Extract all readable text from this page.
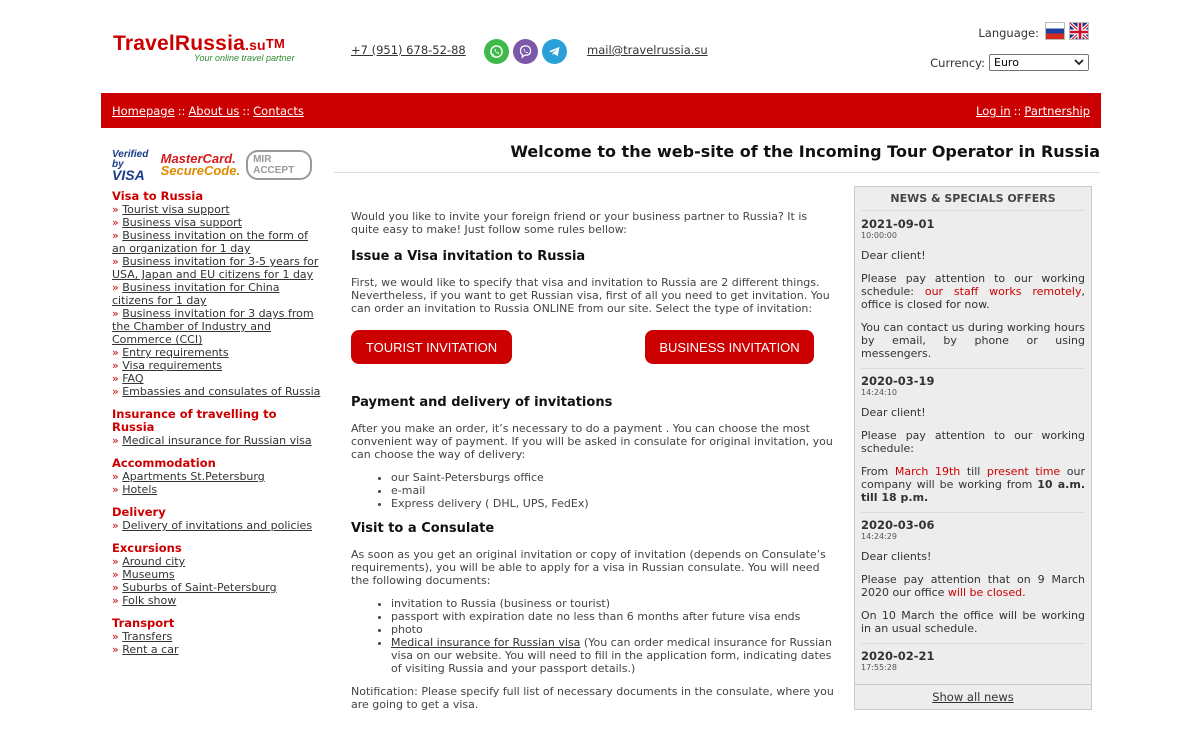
TravelRussia.su™
Your online travel partner
+7 (951) 678-52-88	mail@travelrussia.su
Language:
Currency: Euro
Homepage :: About us :: Contacts	Log in :: Partnership
Verified by
VISA
MasterCard.
SecureCode.
MIR ACCEPT
Visa to Russia
» Tourist visa support
» Business visa support
» Business invitation on the form of an organization for 1 day
» Business invitation for 3-5 years for USA, Japan and EU citizens for 1 day
» Business invitation for China citizens for 1 day
» Business invitation for 3 days from the Chamber of Industry and Commerce (CCI)
» Entry requirements
» Visa requirements
» FAQ
» Embassies and consulates of Russia
Insurance of travelling to Russia
» Medical insurance for Russian visa
Accommodation
» Apartments St.Petersburg
» Hotels
Delivery
» Delivery of invitations and policies
Excursions
» Around city
» Museums
» Suburbs of Saint-Petersburg
» Folk show
Transport
» Transfers
» Rent a car
Welcome to the web-site of the Incoming Tour Operator in Russia

Would you like to invite your foreign friend or your business partner to Russia? It is quite easy to make! Just follow some rules bellow:

Issue a Visa invitation to Russia

First, we would like to specify that visa and invitation to Russia are 2 different things. Nevertheless, if you want to get Russian visa, first of all you need to get invitation. You can order an invitation to Russia ONLINE from our site. Select the type of invitation:

TOURIST INVITATION	BUSINESS INVITATION
Payment and delivery of invitations

After you make an order, it’s necessary to do a payment . You can choose the most convenient way of payment. If you will be asked in consulate for original invitation, you can choose the way of delivery:

• our Saint-Petersburgs office
• e-mail
• Express delivery ( DHL, UPS, FedEx)
Visit to a Consulate

As soon as you get an original invitation or copy of invitation (depends on Consulate’s requirements), you will be able to apply for a visa in Russian consulate. You will need the following documents:

• invitation to Russia (business or tourist)
• passport with expiration date no less than 6 months after future visa ends
• photo
• Medical insurance for Russian visa (You can order medical insurance for Russian visa on our website. You will need to fill in the application form, indicating dates of visiting Russia and your passport details.)

Notification: Please specify full list of necessary documents in the consulate, where you are going to get a visa.

NEWS & SPECIALS OFFERS
2021-09-01
10:00:00

Dear client!

Please pay attention to our working schedule: our staff works remotely, office is closed for now.

You can contact us during working hours by email, by phone or using messengers.

2020-03-19
14:24:10

Dear client!

Please pay attention to our working schedule:

From March 19th till present time our company will be working from 10 a.m. till 18 p.m.

2020-03-06
14:24:29

Dear clients!

Please pay attention that on 9 March 2020 our office will be closed.

On 10 March the office will be working in an usual schedule.

2020-02-21
17:55:28
Show all news
